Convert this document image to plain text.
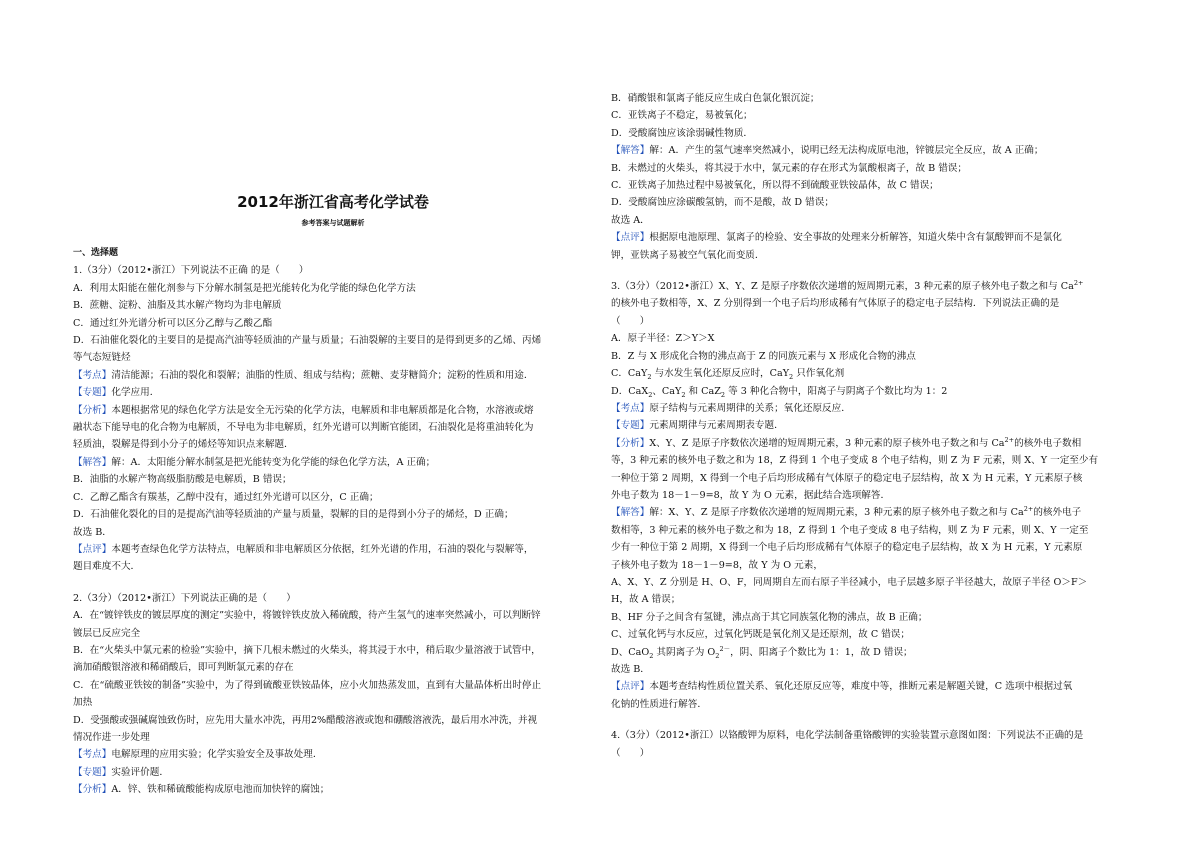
2012年浙江省高考化学试卷
参考答案与试题解析
一、选择题
1.（3分）（2012•浙江）下列说法不正确 的是（　　）
A．利用太阳能在催化剂参与下分解水制氢是把光能转化为化学能的绿色化学方法
B．蔗糖、淀粉、油脂及其水解产物均为非电解质
C．通过红外光谱分析可以区分乙醇与乙酸乙酯
D．石油催化裂化的主要目的是提高汽油等轻质油的产量与质量；石油裂解的主要目的是得到更多的乙烯、丙烯
等气态短链烃
【考点】清洁能源；石油的裂化和裂解；油脂的性质、组成与结构；蔗糖、麦芽糖简介；淀粉的性质和用途．
【专题】化学应用．
【分析】本题根据常见的绿色化学方法是安全无污染的化学方法，电解质和非电解质都是化合物，水溶液或熔
融状态下能导电的化合物为电解质，不导电为非电解质，红外光谱可以判断官能团，石油裂化是将重油转化为
轻质油，裂解是得到小分子的烯烃等知识点来解题．
【解答】解：A．太阳能分解水制氢是把光能转变为化学能的绿色化学方法，A 正确；
B．油脂的水解产物高级脂肪酸是电解质，B 错误；
C．乙醇乙酯含有羰基，乙醇中没有，通过红外光谱可以区分，C 正确；
D．石油催化裂化的目的是提高汽油等轻质油的产量与质量，裂解的目的是得到小分子的烯烃，D 正确；
故选 B．
【点评】本题考查绿色化学方法特点，电解质和非电解质区分依据，红外光谱的作用，石油的裂化与裂解等，
题目难度不大．
2.（3分）（2012•浙江）下列说法正确的是（　　）
A．在“镀锌铁皮的镀层厚度的测定”实验中，将镀锌铁皮放入稀硫酸，待产生氢气的速率突然减小，可以判断锌
镀层已反应完全
B．在“火柴头中氯元素的检验”实验中，摘下几根未燃过的火柴头，将其浸于水中，稍后取少量溶液于试管中，
滴加硝酸银溶液和稀硝酸后，即可判断氯元素的存在
C．在“硫酸亚铁铵的制备”实验中，为了得到硫酸亚铁铵晶体，应小火加热蒸发皿，直到有大量晶体析出时停止
加热
D．受强酸或强碱腐蚀致伤时，应先用大量水冲洗，再用2%醋酸溶液或饱和硼酸溶液洗，最后用水冲洗，并视
情况作进一步处理
【考点】电解原理的应用实验；化学实验安全及事故处理．
【专题】实验评价题．
【分析】A．锌、铁和稀硫酸能构成原电池而加快锌的腐蚀；
B．硝酸银和氯离子能反应生成白色氯化银沉淀；
C．亚铁离子不稳定，易被氧化；
D．受酸腐蚀应该涂弱碱性物质．
【解答】解：A．产生的氢气速率突然减小，说明已经无法构成原电池，锌镀层完全反应，故 A 正确；
B．未燃过的火柴头，将其浸于水中，氯元素的存在形式为氯酸根离子，故 B 错误；
C．亚铁离子加热过程中易被氧化，所以得不到硫酸亚铁铵晶体，故 C 错误；
D．受酸腐蚀应涂碳酸氢钠，而不是酸，故 D 错误；
故选 A．
【点评】根据原电池原理、氯离子的检验、安全事故的处理来分析解答，知道火柴中含有氯酸钾而不是氯化
钾，亚铁离子易被空气氧化而变质．
3.（3分）（2012•浙江）X、Y、Z 是原子序数依次递增的短周期元素，3 种元素的原子核外电子数之和与 $Ca^{2+}$
的核外电子数相等，X、Z 分别得到一个电子后均形成稀有气体原子的稳定电子层结构．下列说法正确的是
（　　）
A．原子半径：Z＞Y＞X
B．Z 与 X 形成化合物的沸点高于 Z 的同族元素与 X 形成化合物的沸点
C．CaY$_2$ 与水发生氧化还原反应时，CaY$_2$ 只作氧化剂
D．CaX$_2$、CaY$_2$ 和 CaZ$_2$ 等 3 种化合物中，阳离子与阴离子个数比均为 1：2
【考点】原子结构与元素周期律的关系；氧化还原反应．
【专题】元素周期律与元素周期表专题．
【分析】X、Y、Z 是原子序数依次递增的短周期元素，3 种元素的原子核外电子数之和与 $Ca^{2+}$的核外电子数相
等，3 种元素的核外电子数之和为 18，Z 得到 1 个电子变成 8 个电子结构，则 Z 为 F 元素，则 X、Y 一定至少有
一种位于第 2 周期，X 得到一个电子后均形成稀有气体原子的稳定电子层结构，故 X 为 H 元素，Y 元素原子核
外电子数为 18－1－9=8，故 Y 为 O 元素，据此结合选项解答．
【解答】解：X、Y、Z 是原子序数依次递增的短周期元素，3 种元素的原子核外电子数之和与 $Ca^{2+}$的核外电子
数相等，3 种元素的核外电子数之和为 18，Z 得到 1 个电子变成 8 电子结构，则 Z 为 F 元素，则 X、Y 一定至
少有一种位于第 2 周期，X 得到一个电子后均形成稀有气体原子的稳定电子层结构，故 X 为 H 元素，Y 元素原
子核外电子数为 18－1－9=8，故 Y 为 O 元素，
A、X、Y、Z 分别是 H、O、F，同周期自左而右原子半径减小，电子层越多原子半径越大，故原子半径 O＞F＞
H，故 A 错误；
B、HF 分子之间含有氢键，沸点高于其它同族氢化物的沸点，故 B 正确；
C、过氧化钙与水反应，过氧化钙既是氧化剂又是还原剂，故 C 错误；
D、CaO$_2$ 其阴离子为 $O_2^{2-}$，阴、阳离子个数比为 1：1，故 D 错误；
故选 B．
【点评】本题考查结构性质位置关系、氧化还原反应等，难度中等，推断元素是解题关键，C 选项中根据过氧
化钠的性质进行解答．
4.（3分）（2012•浙江）以铬酸钾为原料，电化学法制备重铬酸钾的实验装置示意图如图：下列说法不正确的是
（　　）
